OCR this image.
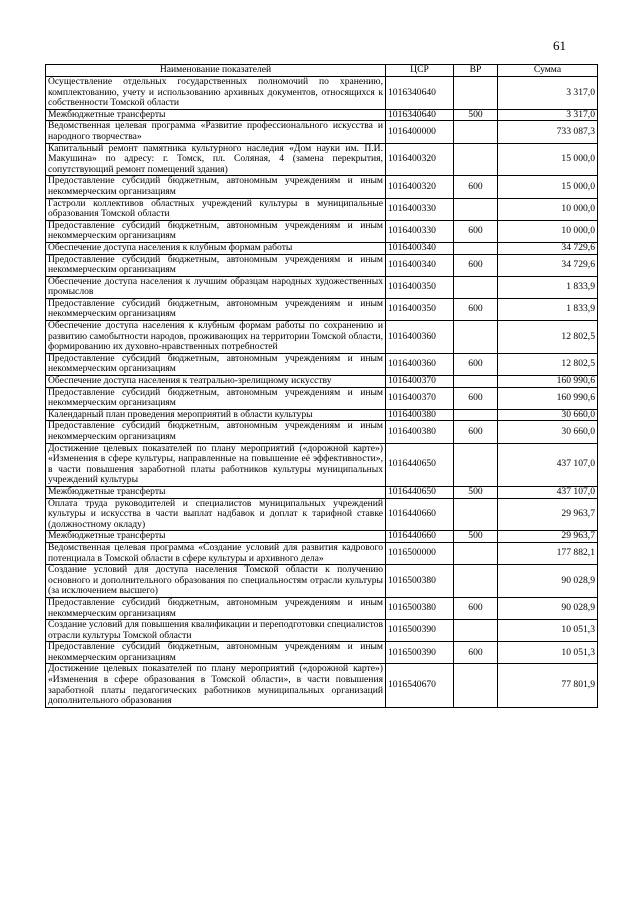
61
Наименование показателей	ЦСР	ВР	Сумма
Осуществление отдельных государственных полномочий по хранению, комплектованию, учету и использованию архивных документов, относящихся к собственности Томской области	1016340640		3 317,0
Межбюджетные трансферты	1016340640	500	3 317,0
Ведомственная целевая программа «Развитие профессионального искусства и народного творчества»	1016400000		733 087,3
Капитальный ремонт памятника культурного наследия «Дом науки им. П.И. Макушина» по адресу: г. Томск, пл. Соляная, 4 (замена перекрытия, сопутствующий ремонт помещений здания)	1016400320		15 000,0
Предоставление субсидий бюджетным, автономным учреждениям и иным некоммерческим организациям	1016400320	600	15 000,0
Гастроли коллективов областных учреждений культуры в муниципальные образования Томской области	1016400330		10 000,0
Предоставление субсидий бюджетным, автономным учреждениям и иным некоммерческим организациям	1016400330	600	10 000,0
Обеспечение доступа населения к клубным формам работы	1016400340		34 729,6
Предоставление субсидий бюджетным, автономным учреждениям и иным некоммерческим организациям	1016400340	600	34 729,6
Обеспечение доступа населения к лучшим образцам народных художественных промыслов	1016400350		1 833,9
Предоставление субсидий бюджетным, автономным учреждениям и иным некоммерческим организациям	1016400350	600	1 833,9
Обеспечение доступа населения к клубным формам работы по сохранению и развитию самобытности народов, проживающих на территории Томской области, формированию их духовно-нравственных потребностей	1016400360		12 802,5
Предоставление субсидий бюджетным, автономным учреждениям и иным некоммерческим организациям	1016400360	600	12 802,5
Обеспечение доступа населения к театрально-зрелищному искусству	1016400370		160 990,6
Предоставление субсидий бюджетным, автономным учреждениям и иным некоммерческим организациям	1016400370	600	160 990,6
Календарный план проведения мероприятий в области культуры	1016400380		30 660,0
Предоставление субсидий бюджетным, автономным учреждениям и иным некоммерческим организациям	1016400380	600	30 660,0
Достижение целевых показателей по плану мероприятий («дорожной карте») «Изменения в сфере культуры, направленные на повышение её эффективности», в части повышения заработной платы работников культуры муниципальных учреждений культуры	1016440650		437 107,0
Межбюджетные трансферты	1016440650	500	437 107,0
Оплата труда руководителей и специалистов муниципальных учреждений культуры и искусства в части выплат надбавок и доплат к тарифной ставке (должностному окладу)	1016440660		29 963,7
Межбюджетные трансферты	1016440660	500	29 963,7
Ведомственная целевая программа «Создание условий для развития кадрового потенциала в Томской области в сфере культуры и архивного дела»	1016500000		177 882,1
Создание условий для доступа населения Томской области к получению основного и дополнительного образования по специальностям отрасли культуры (за исключением высшего)	1016500380		90 028,9
Предоставление субсидий бюджетным, автономным учреждениям и иным некоммерческим организациям	1016500380	600	90 028,9
Создание условий для повышения квалификации и переподготовки специалистов отрасли культуры Томской области	1016500390		10 051,3
Предоставление субсидий бюджетным, автономным учреждениям и иным некоммерческим организациям	1016500390	600	10 051,3
Достижение целевых показателей по плану мероприятий («дорожной карте») «Изменения в сфере образования в Томской области», в части повышения заработной платы педагогических работников муниципальных организаций дополнительного образования	1016540670		77 801,9
